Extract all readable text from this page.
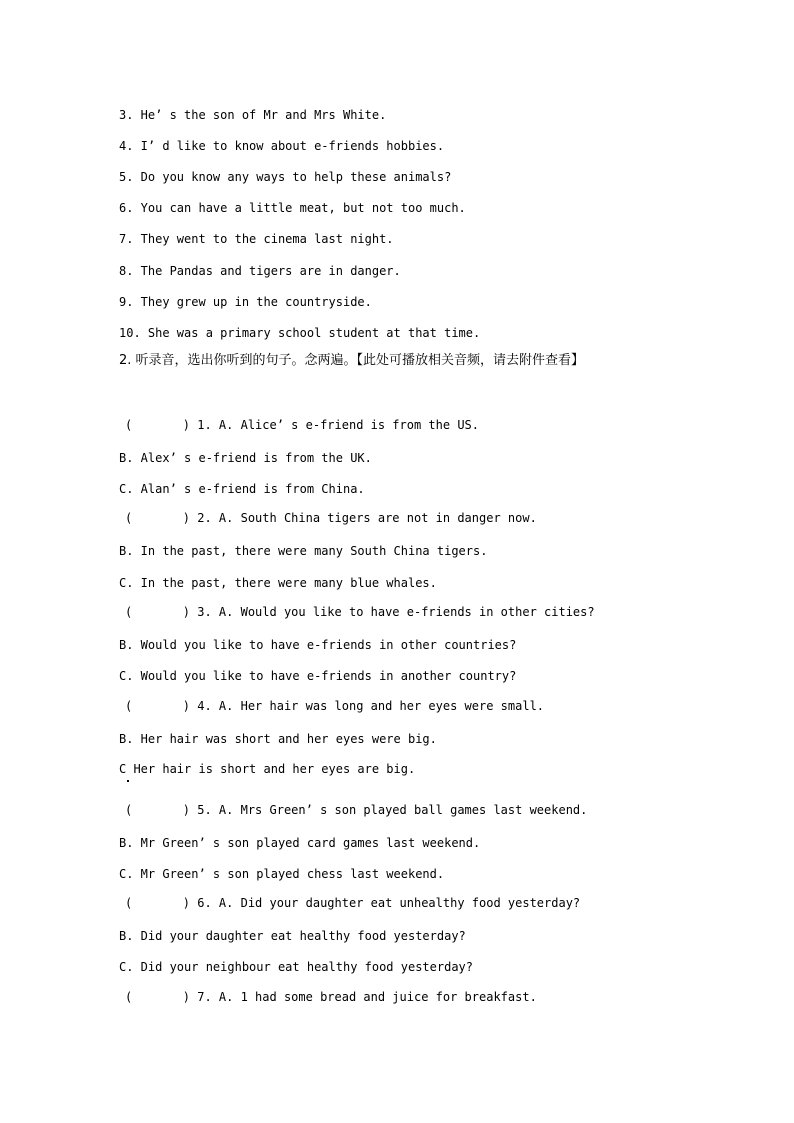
3. He’ s the son of Mr and Mrs White.
4. I’ d like to know about e-friends hobbies.
5. Do you know any ways to help these animals?
6. You can have a little meat, but not too much.
7. They went to the cinema last night.
8. The Pandas and tigers are in danger.
9. They grew up in the countryside.
10. She was a primary school student at that time.
2. 听录音，选出你听到的句子。念两遍。【此处可播放相关音频，请去附件查看】
(       ) 1. A. Alice’ s e-friend is from the US.
B. Alex’ s e-friend is from the UK.
C. Alan’ s e-friend is from China.
(       ) 2. A. South China tigers are not in danger now.
B. In the past, there were many South China tigers.
C. In the past, there were many blue whales.
(       ) 3. A. Would you like to have e-friends in other cities?
B. Would you like to have e-friends in other countries?
C. Would you like to have e-friends in another country?
(       ) 4. A. Her hair was long and her eyes were small.
B. Her hair was short and her eyes were big.
C Her hair is short and her eyes are big.
(       ) 5. A. Mrs Green’ s son played ball games last weekend.
B. Mr Green’ s son played card games last weekend.
C. Mr Green’ s son played chess last weekend.
(       ) 6. A. Did your daughter eat unhealthy food yesterday?
B. Did your daughter eat healthy food yesterday?
C. Did your neighbour eat healthy food yesterday?
(       ) 7. A. 1 had some bread and juice for breakfast.
